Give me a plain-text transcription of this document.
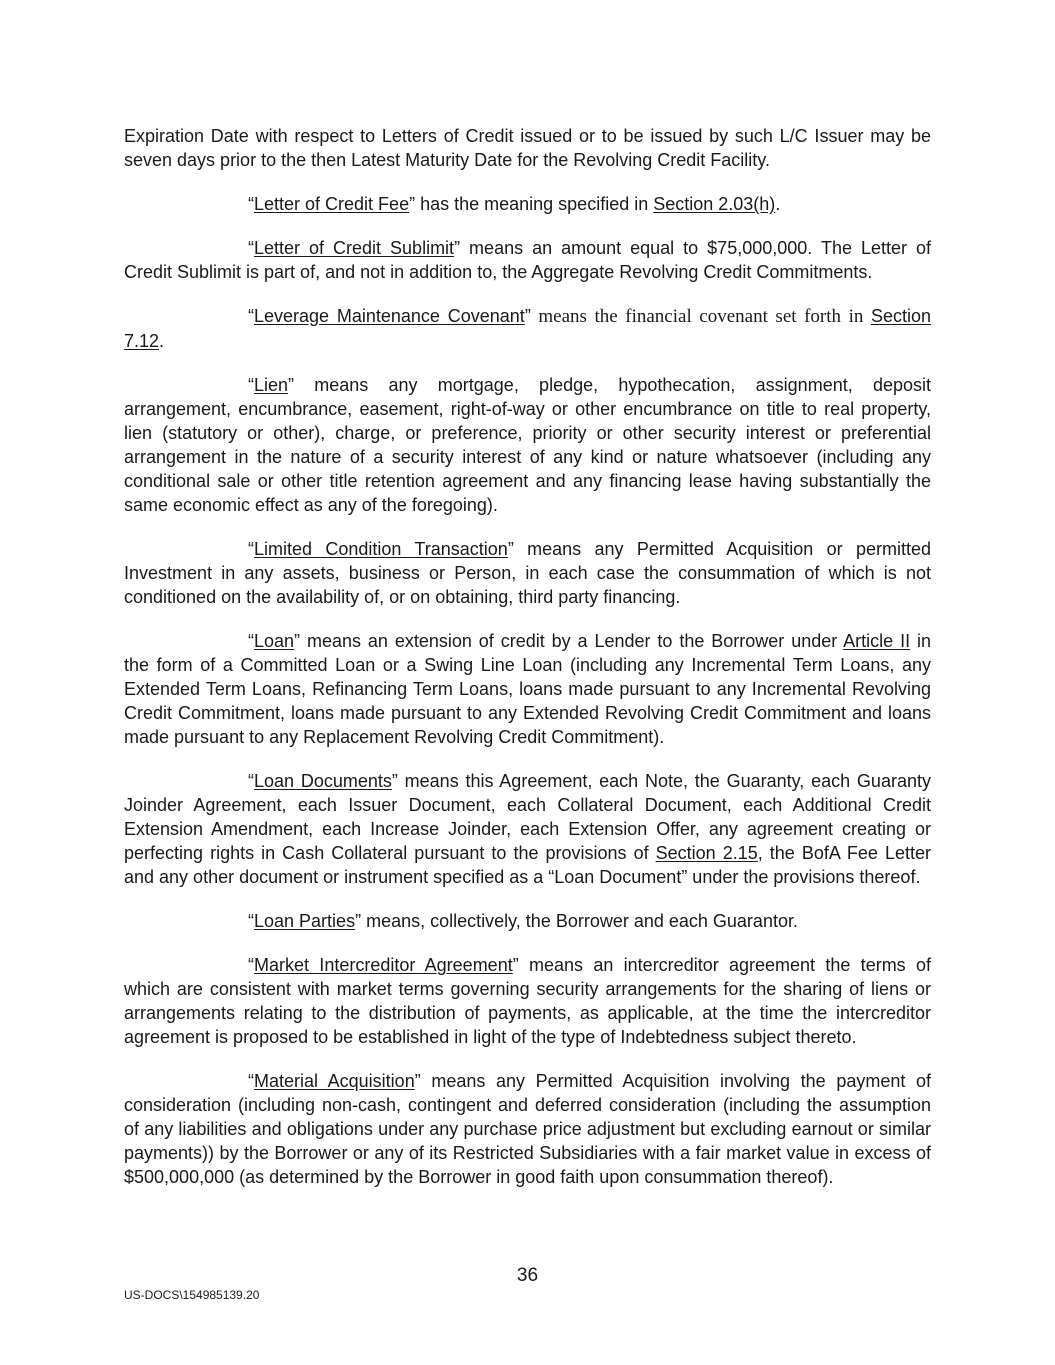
Expiration Date with respect to Letters of Credit issued or to be issued by such L/C Issuer may be seven days prior to the then Latest Maturity Date for the Revolving Credit Facility.

“Letter of Credit Fee” has the meaning specified in Section 2.03(h).

“Letter of Credit Sublimit” means an amount equal to $75,000,000. The Letter of Credit Sublimit is part of, and not in addition to, the Aggregate Revolving Credit Commitments.

“Leverage Maintenance Covenant” means the financial covenant set forth in Section 7.12.

“Lien” means any mortgage, pledge, hypothecation, assignment, deposit arrangement, encumbrance, easement, right-of-way or other encumbrance on title to real property, lien (statutory or other), charge, or preference, priority or other security interest or preferential arrangement in the nature of a security interest of any kind or nature whatsoever (including any conditional sale or other title retention agreement and any financing lease having substantially the same economic effect as any of the foregoing).

“Limited Condition Transaction” means any Permitted Acquisition or permitted Investment in any assets, business or Person, in each case the consummation of which is not conditioned on the availability of, or on obtaining, third party financing.

“Loan” means an extension of credit by a Lender to the Borrower under Article II in the form of a Committed Loan or a Swing Line Loan (including any Incremental Term Loans, any Extended Term Loans, Refinancing Term Loans, loans made pursuant to any Incremental Revolving Credit Commitment, loans made pursuant to any Extended Revolving Credit Commitment and loans made pursuant to any Replacement Revolving Credit Commitment).

“Loan Documents” means this Agreement, each Note, the Guaranty, each Guaranty Joinder Agreement, each Issuer Document, each Collateral Document, each Additional Credit Extension Amendment, each Increase Joinder, each Extension Offer, any agreement creating or perfecting rights in Cash Collateral pursuant to the provisions of Section 2.15, the BofA Fee Letter and any other document or instrument specified as a “Loan Document” under the provisions thereof.

“Loan Parties” means, collectively, the Borrower and each Guarantor.

“Market Intercreditor Agreement” means an intercreditor agreement the terms of which are consistent with market terms governing security arrangements for the sharing of liens or arrangements relating to the distribution of payments, as applicable, at the time the intercreditor agreement is proposed to be established in light of the type of Indebtedness subject thereto.

“Material Acquisition” means any Permitted Acquisition involving the payment of consideration (including non-cash, contingent and deferred consideration (including the assumption of any liabilities and obligations under any purchase price adjustment but excluding earnout or similar payments)) by the Borrower or any of its Restricted Subsidiaries with a fair market value in excess of $500,000,000 (as determined by the Borrower in good faith upon consummation thereof).

36
US-DOCS\154985139.20
